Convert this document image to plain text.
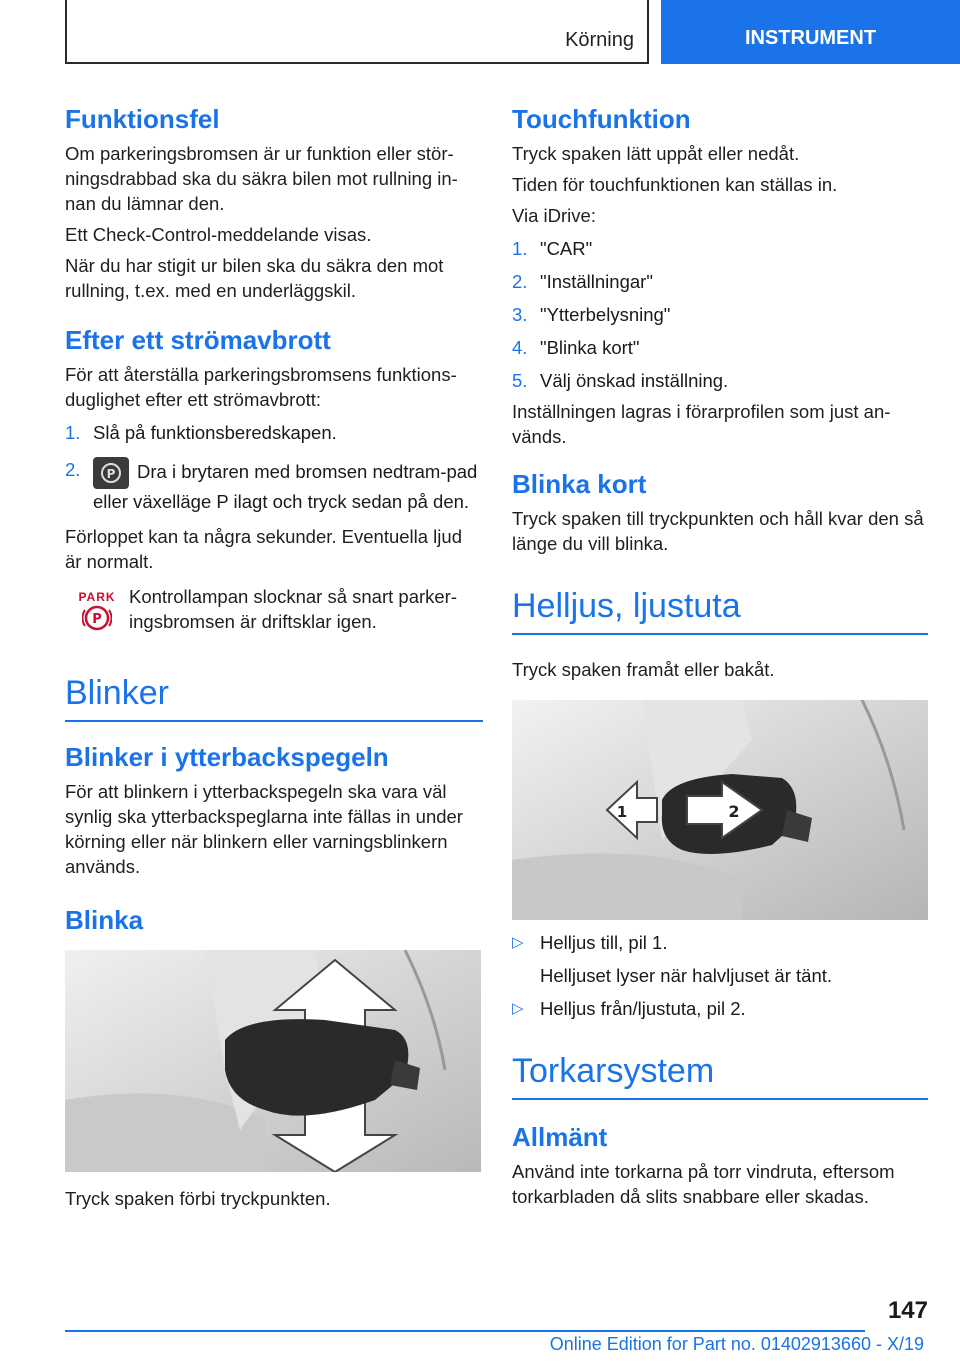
Körning	INSTRUMENT
Funktionsfel

Om parkeringsbromsen är ur funktion eller stör-ningsdrabbad ska du säkra bilen mot rullning in-nan du lämnar den.

Ett Check-Control-meddelande visas.

När du har stigit ur bilen ska du säkra den mot rullning, t.ex. med en underläggskil.

Efter ett strömavbrott

För att återställa parkeringsbromsens funktions-duglighet efter ett strömavbrott:

1. Slå på funktionsberedskapen.
2.	P Dra i brytaren med bromsen nedtram-pad eller växelläge P ilagt och tryck sedan på den.

Förloppet kan ta några sekunder. Eventuella ljud är normalt.

PARK
P

Kontrollampan slocknar så snart parker-ingsbromsen är driftsklar igen.

Blinker
Blinker i ytterbackspegeln

För att blinkern i ytterbackspegeln ska vara väl synlig ska ytterbackspeglarna inte fällas in under körning eller när blinkern eller varningsblinkern används.

Blinka

Tryck spaken förbi tryckpunkten.

Touchfunktion

Tryck spaken lätt uppåt eller nedåt.

Tiden för touchfunktionen kan ställas in.

Via iDrive:

1. "CAR"
2. "Inställningar"
3. "Ytterbelysning"
4. "Blinka kort"
5. Välj önskad inställning.

Inställningen lagras i förarprofilen som just an-vänds.

Blinka kort

Tryck spaken till tryckpunkten och håll kvar den så länge du vill blinka.

Helljus, ljustuta

Tryck spaken framåt eller bakåt.

1	2
▷ Helljus till, pil 1.
Helljuset lyser när halvljuset är tänt.
▷ Helljus från/ljustuta, pil 2.
Torkarsystem
Allmänt

Använd inte torkarna på torr vindruta, eftersom torkarbladen då slits snabbare eller skadas.

147
Online Edition for Part no. 01402913660 - X/19
